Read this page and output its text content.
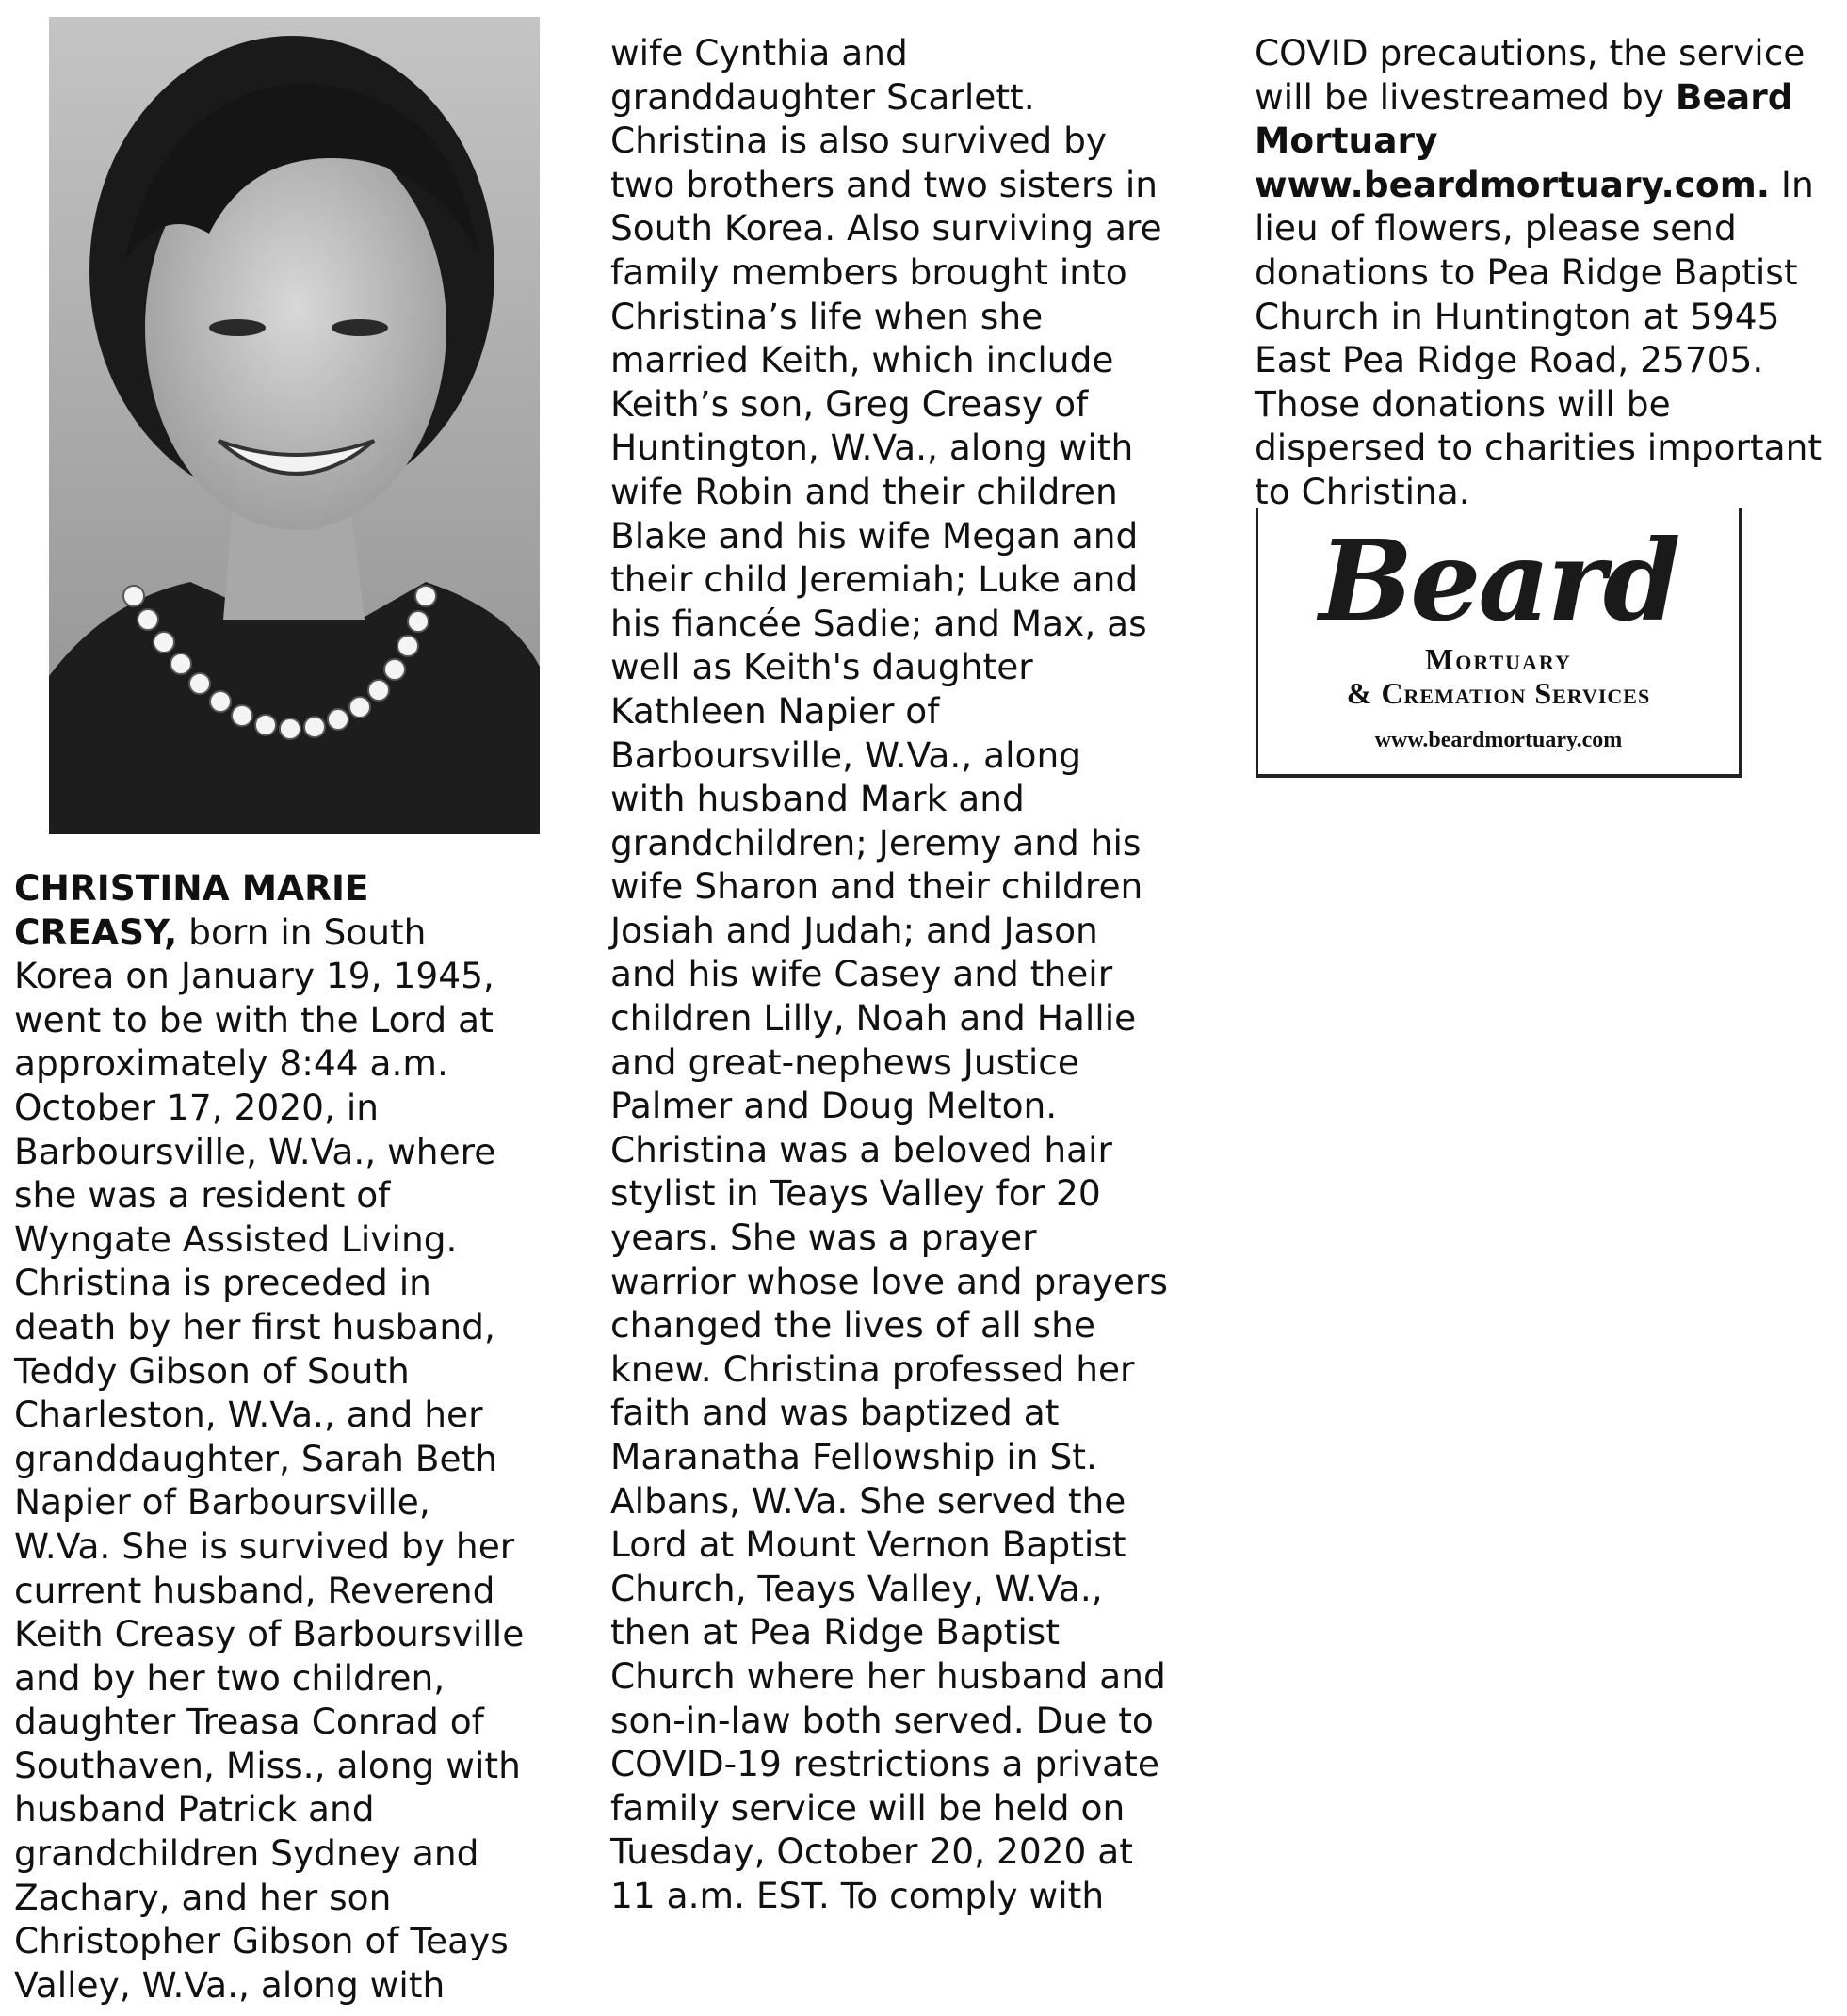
CHRISTINA MARIE
CREASY, born in South
Korea on January 19, 1945,
went to be with the Lord at
approximately 8:44 a.m.
October 17, 2020, in
Barboursville, W.Va., where
she was a resident of
Wyngate Assisted Living.
Christina is preceded in
death by her first husband,
Teddy Gibson of South
Charleston, W.Va., and her
granddaughter, Sarah Beth
Napier of Barboursville,
W.Va. She is survived by her
current husband, Reverend
Keith Creasy of Barboursville
and by her two children,
daughter Treasa Conrad of
Southaven, Miss., along with
husband Patrick and
grandchildren Sydney and
Zachary, and her son
Christopher Gibson of Teays
Valley, W.Va., along with
wife Cynthia and
granddaughter Scarlett.
Christina is also survived by
two brothers and two sisters in
South Korea. Also surviving are
family members brought into
Christina’s life when she
married Keith, which include
Keith’s son, Greg Creasy of
Huntington, W.Va., along with
wife Robin and their children
Blake and his wife Megan and
their child Jeremiah; Luke and
his fiancée Sadie; and Max, as
well as Keith's daughter
Kathleen Napier of
Barboursville, W.Va., along
with husband Mark and
grandchildren; Jeremy and his
wife Sharon and their children
Josiah and Judah; and Jason
and his wife Casey and their
children Lilly, Noah and Hallie
and great-nephews Justice
Palmer and Doug Melton.
Christina was a beloved hair
stylist in Teays Valley for 20
years. She was a prayer
warrior whose love and prayers
changed the lives of all she
knew. Christina professed her
faith and was baptized at
Maranatha Fellowship in St.
Albans, W.Va. She served the
Lord at Mount Vernon Baptist
Church, Teays Valley, W.Va.,
then at Pea Ridge Baptist
Church where her husband and
son-in-law both served. Due to
COVID-19 restrictions a private
family service will be held on
Tuesday, October 20, 2020 at
11 a.m. EST. To comply with
COVID precautions, the service
will be livestreamed by Beard
Mortuary
www.beardmortuary.com. In
lieu of flowers, please send
donations to Pea Ridge Baptist
Church in Huntington at 5945
East Pea Ridge Road, 25705.
Those donations will be
dispersed to charities important
to Christina.
Beard
Mortuary
& Cremation Services
www.beardmortuary.com
